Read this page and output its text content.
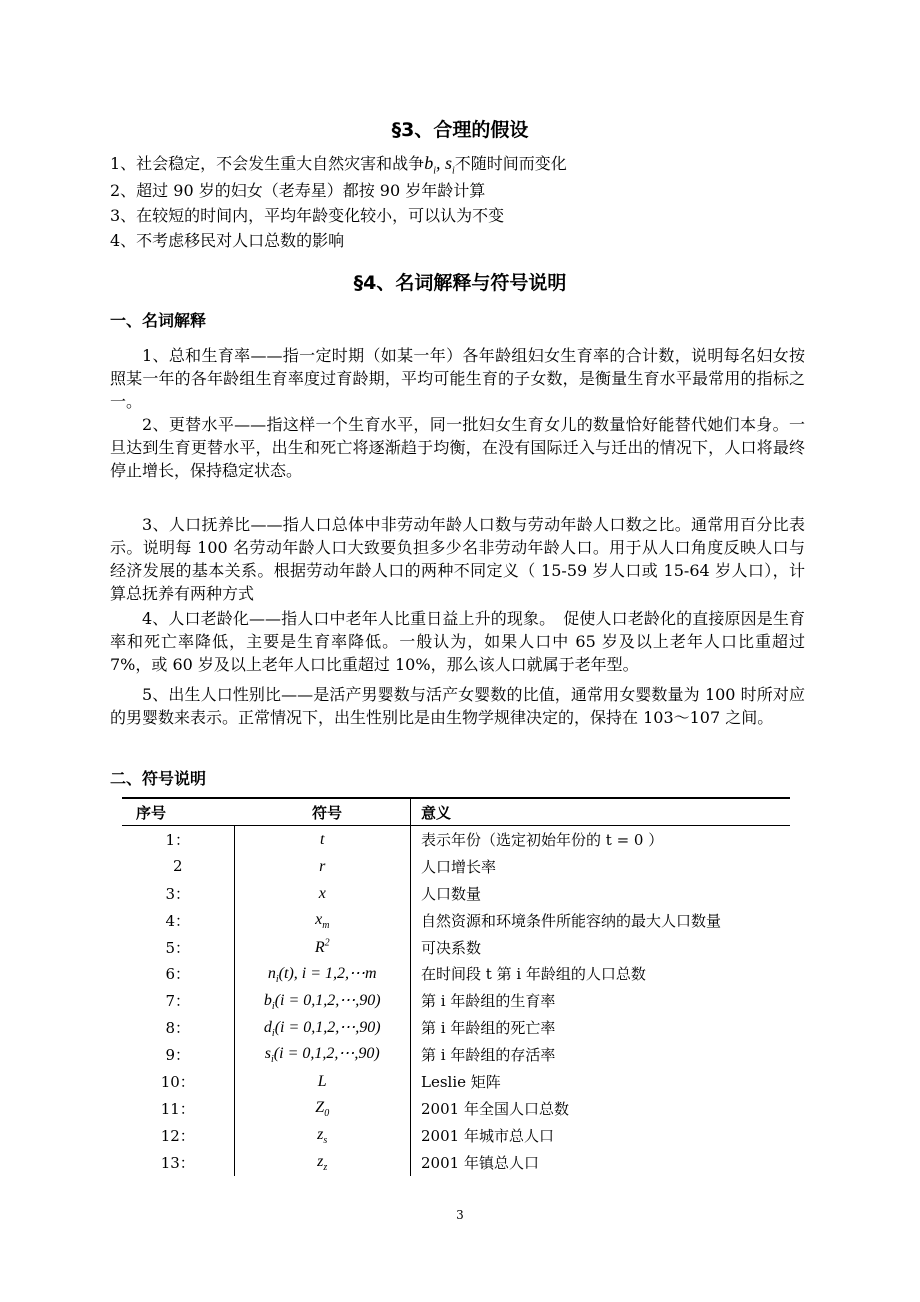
§3、合理的假设
1、社会稳定，不会发生重大自然灾害和战争$b_i$, $s_i$不随时间而变化
2、超过 90 岁的妇女（老寿星）都按 90 岁年龄计算
3、在较短的时间内，平均年龄变化较小，可以认为不变
4、不考虑移民对人口总数的影响
§4、名词解释与符号说明
一、名词解释

1、总和生育率——指一定时期（如某一年）各年龄组妇女生育率的合计数，说明每名妇女按照某一年的各年龄组生育率度过育龄期，平均可能生育的子女数，是衡量生育水平最常用的指标之一。

2、更替水平——指这样一个生育水平，同一批妇女生育女儿的数量恰好能替代她们本身。一旦达到生育更替水平，出生和死亡将逐渐趋于均衡，在没有国际迁入与迁出的情况下，人口将最终停止增长，保持稳定状态。

3、人口抚养比——指人口总体中非劳动年龄人口数与劳动年龄人口数之比。通常用百分比表示。说明每 100 名劳动年龄人口大致要负担多少名非劳动年龄人口。用于从人口角度反映人口与经济发展的基本关系。根据劳动年龄人口的两种不同定义（ 15-59 岁人口或 15-64 岁人口），计算总抚养有两种方式

4、人口老龄化——指人口中老年人比重日益上升的现象。　促使人口老龄化的直接原因是生育率和死亡率降低，主要是生育率降低。一般认为，如果人口中 65 岁及以上老年人口比重超过 7%，或 60 岁及以上老年人口比重超过 10%，那么该人口就属于老年型。

5、出生人口性别比——是活产男婴数与活产女婴数的比值，通常用女婴数量为 100 时所对应的男婴数来表示。正常情况下，出生性别比是由生物学规律决定的，保持在 103～107 之间。

二、符号说明
序号	符号	意义
1：	t	表示年份（选定初始年份的 t = 0 ）
2	r	人口增长率
3：	x	人口数量
4：	$x_m$	自然资源和环境条件所能容纳的最大人口数量
5：	$R^2$	可决系数
6：	$n_i(t)$, i = 1,2,⋯m	在时间段 t 第 i 年龄组的人口总数
7：	$b_i(i$ = 0,1,2,⋯,90)	第 i 年龄组的生育率
8：	$d_i(i$ = 0,1,2,⋯,90)	第 i 年龄组的死亡率
9：	$s_i(i$ = 0,1,2,⋯,90)	第 i 年龄组的存活率
10：	L	Leslie 矩阵
11：	$Z_0$	2001 年全国人口总数
12：	$z_s$	2001 年城市总人口
13：	$z_z$	2001 年镇总人口
3
